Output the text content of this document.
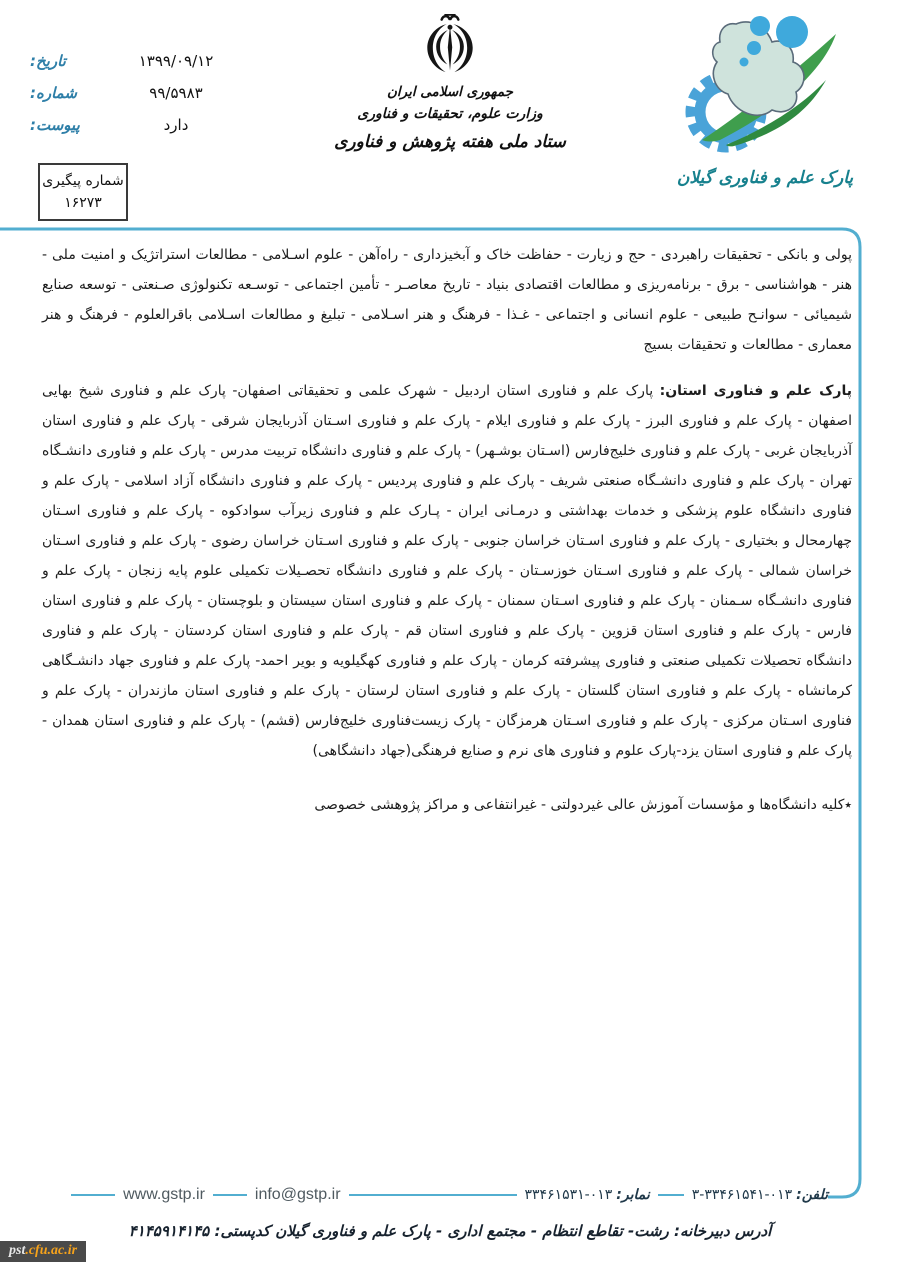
۱۳۹۹/۰۹/۱۲
تاریخ:
۹۹/۵۹۸۳
شماره:
دارد
پیوست:
شماره پیگیری
۱۶۲۷۳
جمهوری اسلامی ایران
وزارت علوم، تحقیقات و فناوری
ستاد ملی هفته پژوهش و فناوری
پارک علم و فناوری گیلان

پولی و بانکی - تحقیقات راهبردی - حج و زیارت - حفاظت خاک و آبخیزداری - راه‌آهن - علوم اسـلامی - مطالعات استراتژیک و امنیت ملی - هنر - هواشناسی - برق - برنامه‌ریزی و مطالعات اقتصادی بنیاد - تاریخ معاصـر - تأمین اجتماعی - توسـعه تکنولوژی صـنعتی - توسعه صنایع شیمیائی - سوانـح طبیعی - علوم انسانی و اجتماعی - غـذا - فرهنگ و هنر اسـلامی - تبلیغ و مطالعات اسـلامی باقرالعلوم - فرهنگ و هنر معماری - مطالعات و تحقیقات بسیج

پارک علم و فناوری استان: پارک علم و فناوری استان اردبیل - شهرک علمی و تحقیقاتی اصفهان- پارک علم و فناوری شیخ بهایی اصفهان - پارک علم و فناوری البرز - پارک علم و فناوری ایلام - پارک علم و فناوری اسـتان آذربایجان شرقی - پارک علم و فناوری استان آذربایجان غربی - پارک علم و فناوری خلیج‌فارس (اسـتان بوشـهر) - پارک علم و فناوری دانشگاه تربیت مدرس - پارک علم و فناوری دانشـگاه تهران - پارک علم و فناوری دانشـگاه صنعتی شریف - پارک علم و فناوری پردیس - پارک علم و فناوری دانشگاه آزاد اسلامی - پارک علم و فناوری دانشگاه علوم پزشکی و خدمات بهداشتی و درمـانی ایران - پـارک علم و فناوری زیرآب سوادکوه - پارک علم و فناوری اسـتان چهارمحال و بختیاری - پارک علم و فناوری اسـتان خراسان جنوبی - پارک علم و فناوری اسـتان خراسان رضوی - پارک علم و فناوری اسـتان خراسان شمالی - پارک علم و فناوری اسـتان خوزسـتان - پارک علم و فناوری دانشگاه تحصـیلات تکمیلی علوم پایه زنجان - پارک علم و فناوری دانشـگاه سـمنان - پارک علم و فناوری اسـتان سمنان - پارک علم و فناوری استان سیستان و بلوچستان - پارک علم و فناوری استان فارس - پارک علم و فناوری استان قزوین - پارک علم و فناوری استان قم - پارک علم و فناوری استان کردستان - پارک علم و فناوری دانشگاه تحصیلات تکمیلی صنعتی و فناوری پیشرفته کرمان - پارک علم و فناوری کهگیلویه و بویر احمد- پارک علم و فناوری جهاد دانشـگاهی کرمانشاه - پارک علم و فناوری استان گلستان - پارک علم و فناوری استان لرستان - پارک علم و فناوری استان مازندران - پارک علم و فناوری اسـتان مرکزی - پارک علم و فناوری اسـتان هرمزگان - پارک زیست‌فناوری خلیج‌فارس (قشم) - پارک علم و فناوری استان همدان - پارک علم و فناوری استان یزد-پارک علوم و فناوری های نرم و صنایع فرهنگی(جهاد دانشگاهی)

٭کلیه دانشگاه‌ها و مؤسسات آموزش عالی غیردولتی - غیرانتفاعی و مراکز پژوهشی خصوصی

تلفن:
۳-۳۳۴۶۱۵۴۱-۰۱۳
نمابر:
۳۳۴۶۱۵۳۱-۰۱۳
info@gstp.ir
www.gstp.ir
آدرس دبیرخانه: رشت- تقاطع انتظام - مجتمع اداری - پارک علم و فناوری گیلان کدپستی: ۴۱۴۵۹۱۴۱۴۵
pst.cfu.ac.ir
